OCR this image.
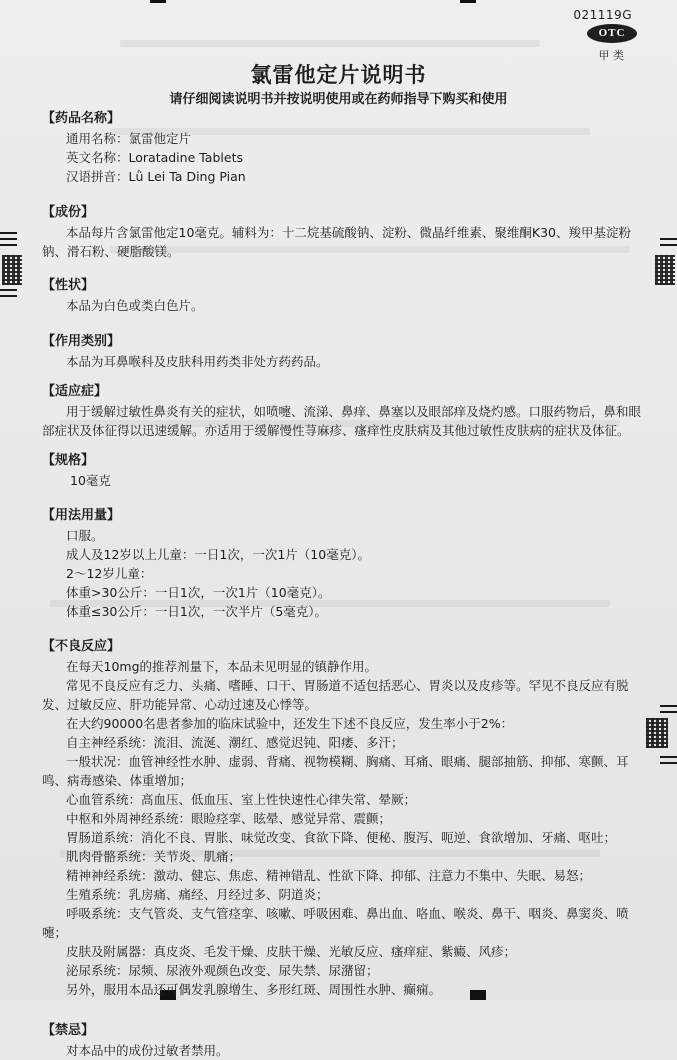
021119G
OTC
甲 类
氯雷他定片说明书
请仔细阅读说明书并按说明使用或在药师指导下购买和使用
【药品名称】
通用名称：氯雷他定片
英文名称：Loratadine Tablets
汉语拼音：Lǜ Lei Ta Ding Pian
【成份】
本品每片含氯雷他定10毫克。辅料为：十二烷基硫酸钠、淀粉、微晶纤维素、聚维酮K30、羧甲基淀粉钠、滑石粉、硬脂酸镁。
【性状】
本品为白色或类白色片。
【作用类别】
本品为耳鼻喉科及皮肤科用药类非处方药药品。
【适应症】
用于缓解过敏性鼻炎有关的症状，如喷嚏、流涕、鼻痒、鼻塞以及眼部痒及烧灼感。口服药物后，鼻和眼部症状及体征得以迅速缓解。亦适用于缓解慢性荨麻疹、瘙痒性皮肤病及其他过敏性皮肤病的症状及体征。
【规格】
10毫克
【用法用量】
口服。
成人及12岁以上儿童：一日1次，一次1片（10毫克）。
2～12岁儿童：
体重>30公斤：一日1次，一次1片（10毫克）。
体重≤30公斤：一日1次，一次半片（5毫克）。
【不良反应】
在每天10mg的推荐剂量下，本品未见明显的镇静作用。
常见不良反应有乏力、头痛、嗜睡、口干、胃肠道不适包括恶心、胃炎以及皮疹等。罕见不良反应有脱发、过敏反应、肝功能异常、心动过速及心悸等。
在大约90000名患者参加的临床试验中，还发生下述不良反应，发生率小于2%：
自主神经系统：流泪、流涎、潮红、感觉迟钝、阳痿、多汗；
一般状况：血管神经性水肿、虚弱、背痛、视物模糊、胸痛、耳痛、眼痛、腿部抽筋、抑郁、寒颤、耳鸣、病毒感染、体重增加；
心血管系统：高血压、低血压、室上性快速性心律失常、晕厥；
中枢和外周神经系统：眼睑痉挛、眩晕、感觉异常、震颤；
胃肠道系统：消化不良、胃胀、味觉改变、食欲下降、便秘、腹泻、呃逆、食欲增加、牙痛、呕吐；
肌肉骨骼系统：关节炎、肌痛；
精神神经系统：激动、健忘、焦虑、精神错乱、性欲下降、抑郁、注意力不集中、失眠、易怒；
生殖系统：乳房痛、痛经、月经过多、阴道炎；
呼吸系统：支气管炎、支气管痉挛、咳嗽、呼吸困难、鼻出血、咯血、喉炎、鼻干、咽炎、鼻窦炎、喷嚏；
皮肤及附属器：真皮炎、毛发干燥、皮肤干燥、光敏反应、瘙痒症、紫癜、风疹；
泌尿系统：尿频、尿液外观颜色改变、尿失禁、尿潴留；
另外，服用本品还可偶发乳腺增生、多形红斑、周围性水肿、癫痫。
【禁忌】
对本品中的成份过敏者禁用。
